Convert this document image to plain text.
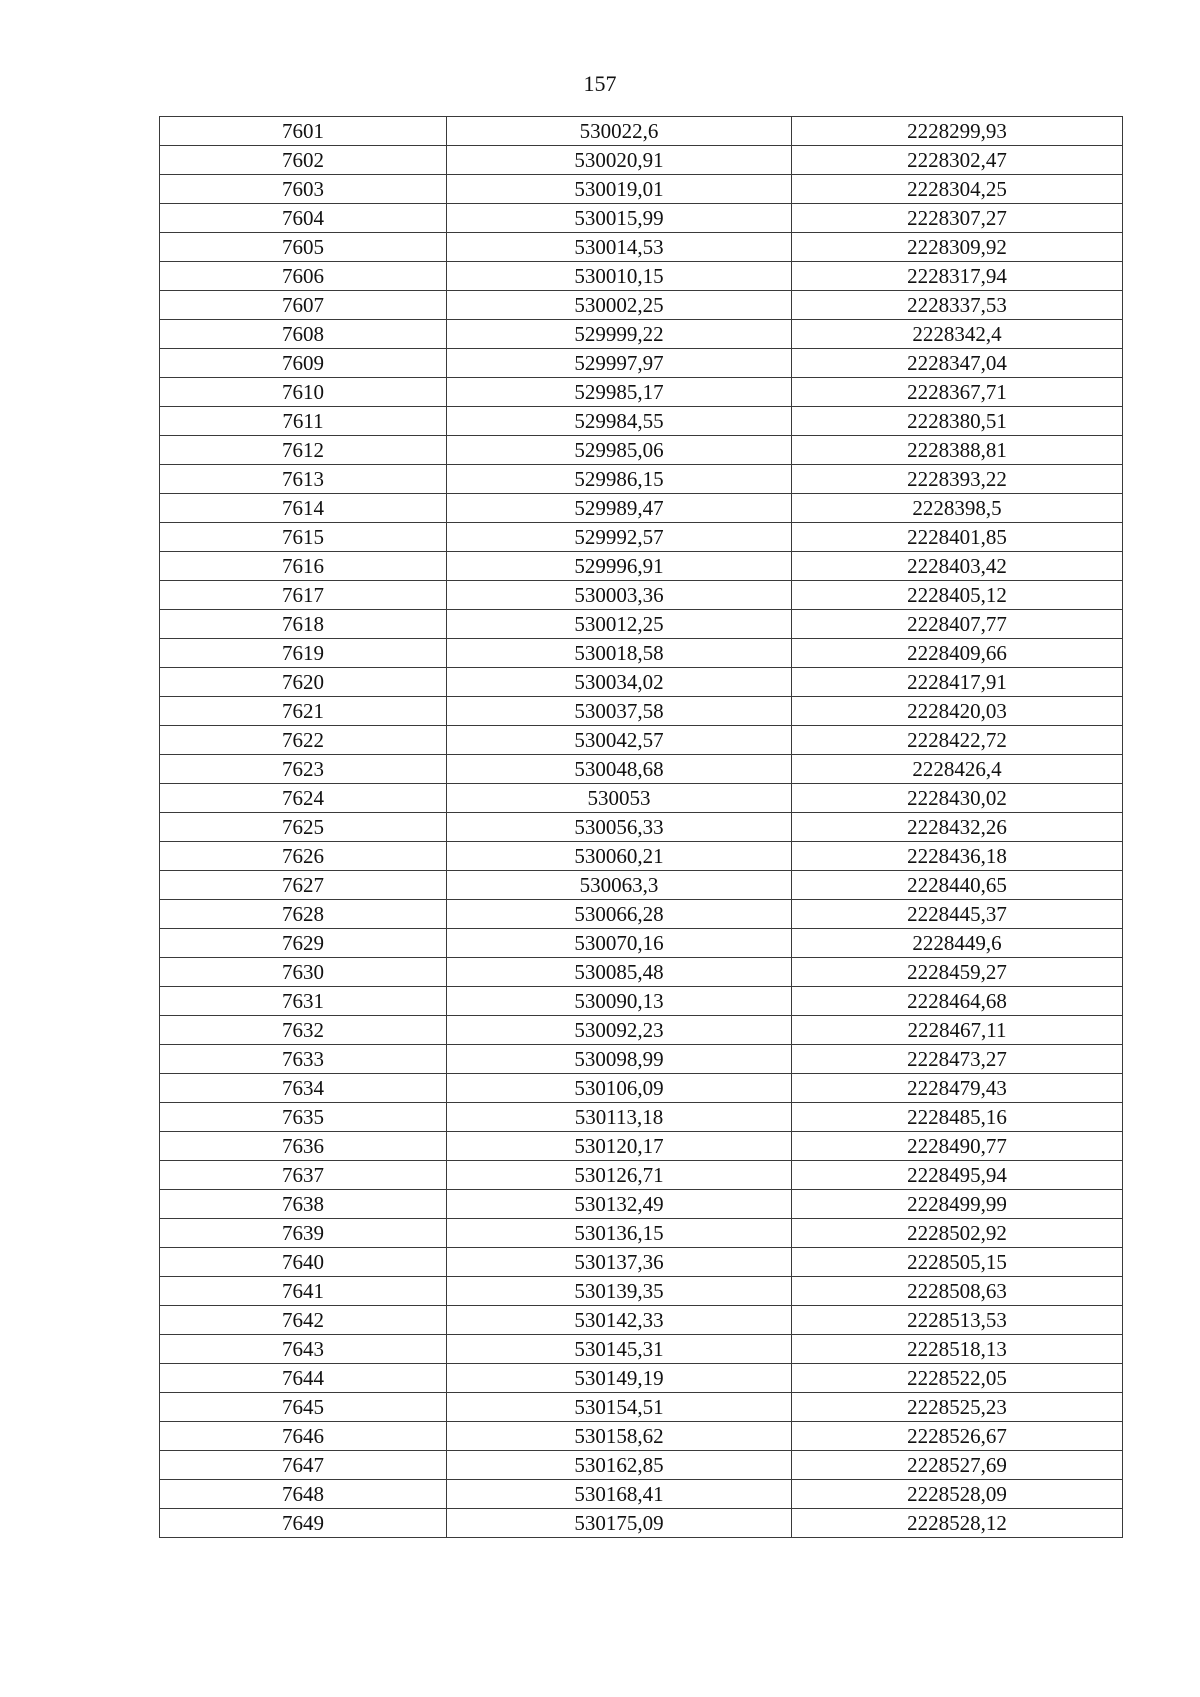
157
7601	530022,6	2228299,93
7602	530020,91	2228302,47
7603	530019,01	2228304,25
7604	530015,99	2228307,27
7605	530014,53	2228309,92
7606	530010,15	2228317,94
7607	530002,25	2228337,53
7608	529999,22	2228342,4
7609	529997,97	2228347,04
7610	529985,17	2228367,71
7611	529984,55	2228380,51
7612	529985,06	2228388,81
7613	529986,15	2228393,22
7614	529989,47	2228398,5
7615	529992,57	2228401,85
7616	529996,91	2228403,42
7617	530003,36	2228405,12
7618	530012,25	2228407,77
7619	530018,58	2228409,66
7620	530034,02	2228417,91
7621	530037,58	2228420,03
7622	530042,57	2228422,72
7623	530048,68	2228426,4
7624	530053	2228430,02
7625	530056,33	2228432,26
7626	530060,21	2228436,18
7627	530063,3	2228440,65
7628	530066,28	2228445,37
7629	530070,16	2228449,6
7630	530085,48	2228459,27
7631	530090,13	2228464,68
7632	530092,23	2228467,11
7633	530098,99	2228473,27
7634	530106,09	2228479,43
7635	530113,18	2228485,16
7636	530120,17	2228490,77
7637	530126,71	2228495,94
7638	530132,49	2228499,99
7639	530136,15	2228502,92
7640	530137,36	2228505,15
7641	530139,35	2228508,63
7642	530142,33	2228513,53
7643	530145,31	2228518,13
7644	530149,19	2228522,05
7645	530154,51	2228525,23
7646	530158,62	2228526,67
7647	530162,85	2228527,69
7648	530168,41	2228528,09
7649	530175,09	2228528,12
